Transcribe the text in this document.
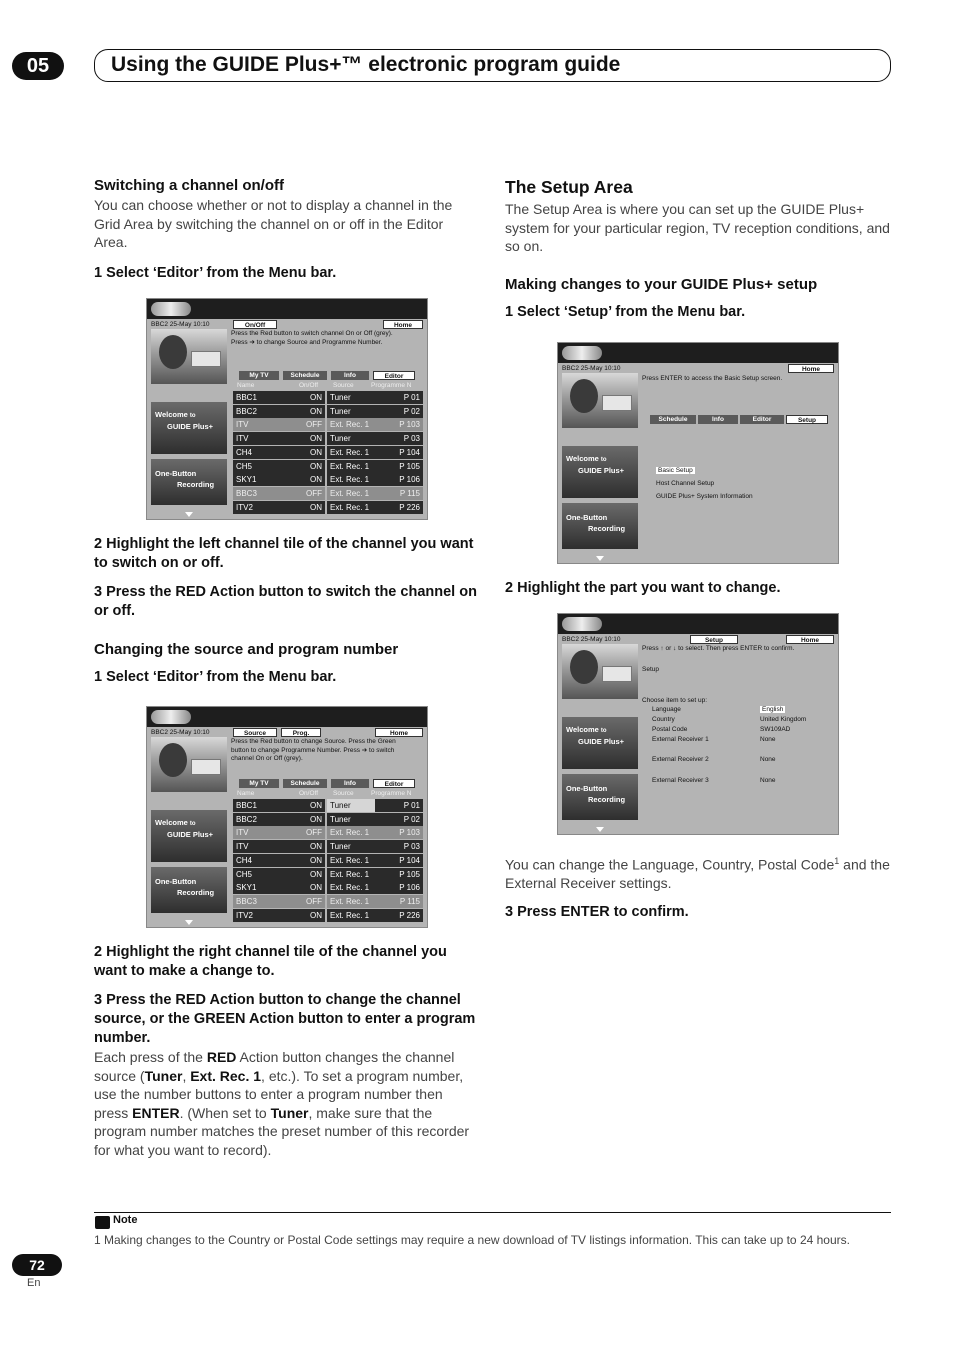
05	Using the GUIDE Plus+™ electronic program guide
Switching a channel on/off
You can choose whether or not to display a channel in the Grid Area by switching the channel on or off in the Editor Area.
1 Select ‘Editor’ from the Menu bar.
BBC2 25-May 10:10	On/Off	Home
Press the Red button to switch channel On or Off (grey).
Press ➔ to change Source and Programme Number.
My TV	Schedule	Info	Editor
Name	On/Off Source	Programme N
BBC1	ON	Tuner	P 01
BBC2	ON	Tuner	P 02
ITV	OFF	Ext. Rec. 1	P 103
ITV	ON	Tuner	P 03
CH4	ON	Ext. Rec. 1	P 104
CH5	ON	Ext. Rec. 1	P 105
SKY1	ON	Ext. Rec. 1	P 106
BBC3	OFF	Ext. Rec. 1	P 115
ITV2	ON	Ext. Rec. 1	P 226
Welcome to
GUIDE Plus+
One-Button
Recording
2 Highlight the left channel tile of the channel you want to switch on or off.
3 Press the RED Action button to switch the channel on or off.
Changing the source and program number
1 Select ‘Editor’ from the Menu bar.
BBC2 25-May 10:10	Source	Prog.	Home
Press the Red button to change Source. Press the Green button to change Programme Number. Press ➔ to switch channel On or Off (grey).
My TV	Schedule	Info	Editor
Name	On/Off Source	Programme N
BBC1	ON	Tuner	P 01
BBC2	ON	Tuner	P 02
ITV	OFF	Ext. Rec. 1	P 103
ITV	ON	Tuner	P 03
CH4	ON	Ext. Rec. 1	P 104
CH5	ON	Ext. Rec. 1	P 105
SKY1	ON	Ext. Rec. 1	P 106
BBC3	OFF	Ext. Rec. 1	P 115
ITV2	ON	Ext. Rec. 1	P 226
Welcome to
GUIDE Plus+
One-Button
Recording
2 Highlight the right channel tile of the channel you want to make a change to.
3 Press the RED Action button to change the channel source, or the GREEN Action button to enter a program number.
Each press of the RED Action button changes the channel source (Tuner, Ext. Rec. 1, etc.). To set a program number, use the number buttons to enter a program number then press ENTER. (When set to Tuner, make sure that the program number matches the preset number of this recorder for what you want to record).
The Setup Area
The Setup Area is where you can set up the GUIDE Plus+ system for your particular region, TV reception conditions, and so on.
Making changes to your GUIDE Plus+ setup
1 Select ‘Setup’ from the Menu bar.
BBC2 25-May 10:10	Home
Press ENTER to access the Basic Setup screen.
Schedule	Info	Editor	Setup
Basic Setup
Host Channel Setup
GUIDE Plus+ System Information
Welcome to
GUIDE Plus+
One-Button
Recording
2 Highlight the part you want to change.
BBC2 25-May 10:10	Setup	Home
Press ↑ or ↓ to select. Then press ENTER to confirm.
Setup
Choose item to set up:
Language	English
Country	United Kingdom
Postal Code	SW109AD
External Receiver 1	None
External Receiver 2	None
External Receiver 3	None
Welcome to
GUIDE Plus+
One-Button
Recording
You can change the Language, Country, Postal Code$^1$ and the External Receiver settings.
3 Press ENTER to confirm.
Note
1 Making changes to the Country or Postal Code settings may require a new download of TV listings information. This can take up to 24 hours.
72
En
